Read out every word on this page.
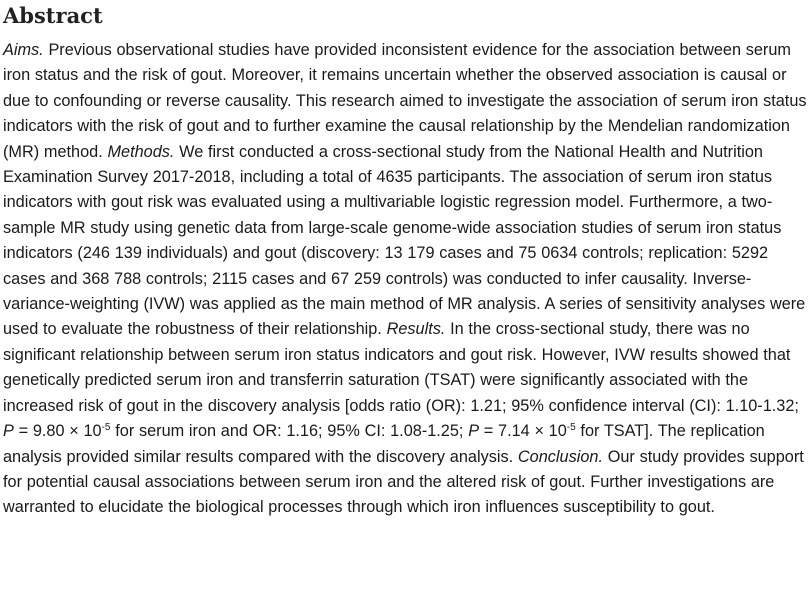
Abstract

Aims. Previous observational studies have provided inconsistent evidence for the association between serum iron status and the risk of gout. Moreover, it remains uncertain whether the observed association is causal or due to confounding or reverse causality. This research aimed to investigate the association of serum iron status indicators with the risk of gout and to further examine the causal relationship by the Mendelian randomization (MR) method. Methods. We first conducted a cross-sectional study from the National Health and Nutrition Examination Survey 2017-2018, including a total of 4635 participants. The association of serum iron status indicators with gout risk was evaluated using a multivariable logistic regression model. Furthermore, a two-sample MR study using genetic data from large-scale genome-wide association studies of serum iron status indicators (246 139 individuals) and gout (discovery: 13 179 cases and 75 0634 controls; replication: 5292 cases and 368 788 controls; 2115 cases and 67 259 controls) was conducted to infer causality. Inverse-variance-weighting (IVW) was applied as the main method of MR analysis. A series of sensitivity analyses were used to evaluate the robustness of their relationship. Results. In the cross-sectional study, there was no significant relationship between serum iron status indicators and gout risk. However, IVW results showed that genetically predicted serum iron and transferrin saturation (TSAT) were significantly associated with the increased risk of gout in the discovery analysis [odds ratio (OR): 1.21; 95% confidence interval (CI): 1.10-1.32; $P = 9.80 \times 10^{-5}$ for serum iron and OR: 1.16; 95% CI: 1.08-1.25; $P = 7.14 \times 10^{-5}$ for TSAT]. The replication analysis provided similar results compared with the discovery analysis. Conclusion. Our study provides support for potential causal associations between serum iron and the altered risk of gout. Further investigations are warranted to elucidate the biological processes through which iron influences susceptibility to gout.
